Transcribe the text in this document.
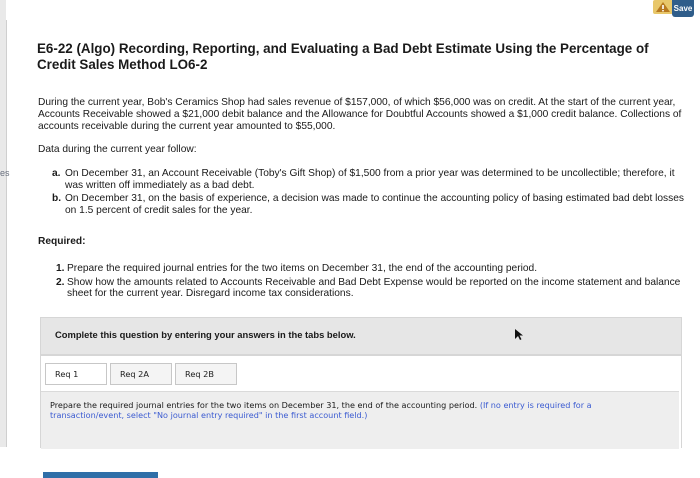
es
Save
E6-22 (Algo) Recording, Reporting, and Evaluating a Bad Debt Estimate Using the Percentage of Credit Sales Method LO6-2
During the current year, Bob's Ceramics Shop had sales revenue of $157,000, of which $56,000 was on credit. At the start of the current year, Accounts Receivable showed a $21,000 debit balance and the Allowance for Doubtful Accounts showed a $1,000 credit balance. Collections of accounts receivable during the current year amounted to $55,000.
Data during the current year follow:
a. On December 31, an Account Receivable (Toby's Gift Shop) of $1,500 from a prior year was determined to be uncollectible; therefore, it was written off immediately as a bad debt.
b. On December 31, on the basis of experience, a decision was made to continue the accounting policy of basing estimated bad debt losses on 1.5 percent of credit sales for the year.
Required:
1. Prepare the required journal entries for the two items on December 31, the end of the accounting period.
2. Show how the amounts related to Accounts Receivable and Bad Debt Expense would be reported on the income statement and balance sheet for the current year. Disregard income tax considerations.
Complete this question by entering your answers in the tabs below.
Req 1	Req 2A	Req 2B
Prepare the required journal entries for the two items on December 31, the end of the accounting period. (If no entry is required for a transaction/event, select "No journal entry required" in the first account field.)
